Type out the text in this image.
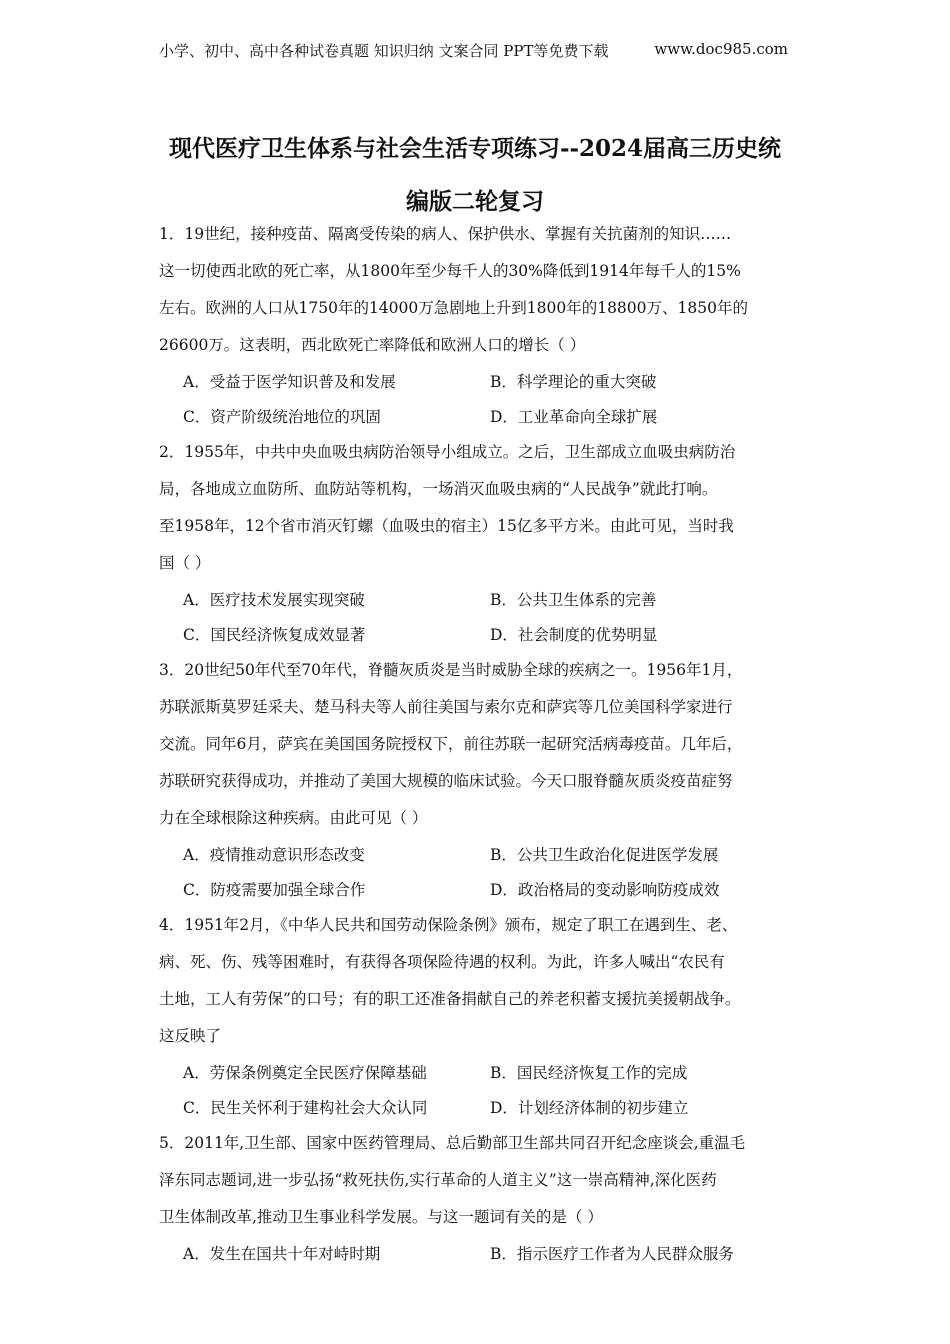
小学、初中、高中各种试卷真题 知识归纳 文案合同 PPT等免费下载	www.doc985.com
现代医疗卫生体系与社会生活专项练习--2024届高三历史统
编版二轮复习
1．19世纪，接种疫苗、隔离受传染的病人、保护供水、掌握有关抗菌剂的知识……
这一切使西北欧的死亡率，从1800年至少每千人的30%降低到1914年每千人的15%
左右。欧洲的人口从1750年的14000万急剧地上升到1800年的18800万、1850年的
26600万。这表明，西北欧死亡率降低和欧洲人口的增长（ ）
A．受益于医学知识普及和发展	B．科学理论的重大突破
C．资产阶级统治地位的巩固	D．工业革命向全球扩展
2．1955年，中共中央血吸虫病防治领导小组成立。之后，卫生部成立血吸虫病防治
局，各地成立血防所、血防站等机构，一场消灭血吸虫病的“人民战争”就此打响。
至1958年，12个省市消灭钉螺（血吸虫的宿主）15亿多平方米。由此可见，当时我
国（ ）
A．医疗技术发展实现突破	B．公共卫生体系的完善
C．国民经济恢复成效显著	D．社会制度的优势明显
3．20世纪50年代至70年代，脊髓灰质炎是当时威胁全球的疾病之一。1956年1月，
苏联派斯莫罗廷采夫、楚马科夫等人前往美国与索尔克和萨宾等几位美国科学家进行
交流。同年6月，萨宾在美国国务院授权下，前往苏联一起研究活病毒疫苗。几年后，
苏联研究获得成功，并推动了美国大规模的临床试验。今天口服脊髓灰质炎疫苗症努
力在全球根除这种疾病。由此可见（ ）
A．疫情推动意识形态改变	B．公共卫生政治化促进医学发展
C．防疫需要加强全球合作	D．政治格局的变动影响防疫成效
4．1951年2月，《中华人民共和国劳动保险条例》颁布，规定了职工在遇到生、老、
病、死、伤、残等困难时，有获得各项保险待遇的权利。为此，许多人喊出“农民有
土地，工人有劳保”的口号；有的职工还准备捐献自己的养老积蓄支援抗美援朝战争。
这反映了
A．劳保条例奠定全民医疗保障基础	B．国民经济恢复工作的完成
C．民生关怀利于建构社会大众认同	D．计划经济体制的初步建立
5．2011年,卫生部、国家中医药管理局、总后勤部卫生部共同召开纪念座谈会,重温毛
泽东同志题词,进一步弘扬“救死扶伤,实行革命的人道主义”这一崇高精神,深化医药
卫生体制改革,推动卫生事业科学发展。与这一题词有关的是（ ）
A．发生在国共十年对峙时期	B．指示医疗工作者为人民群众服务
